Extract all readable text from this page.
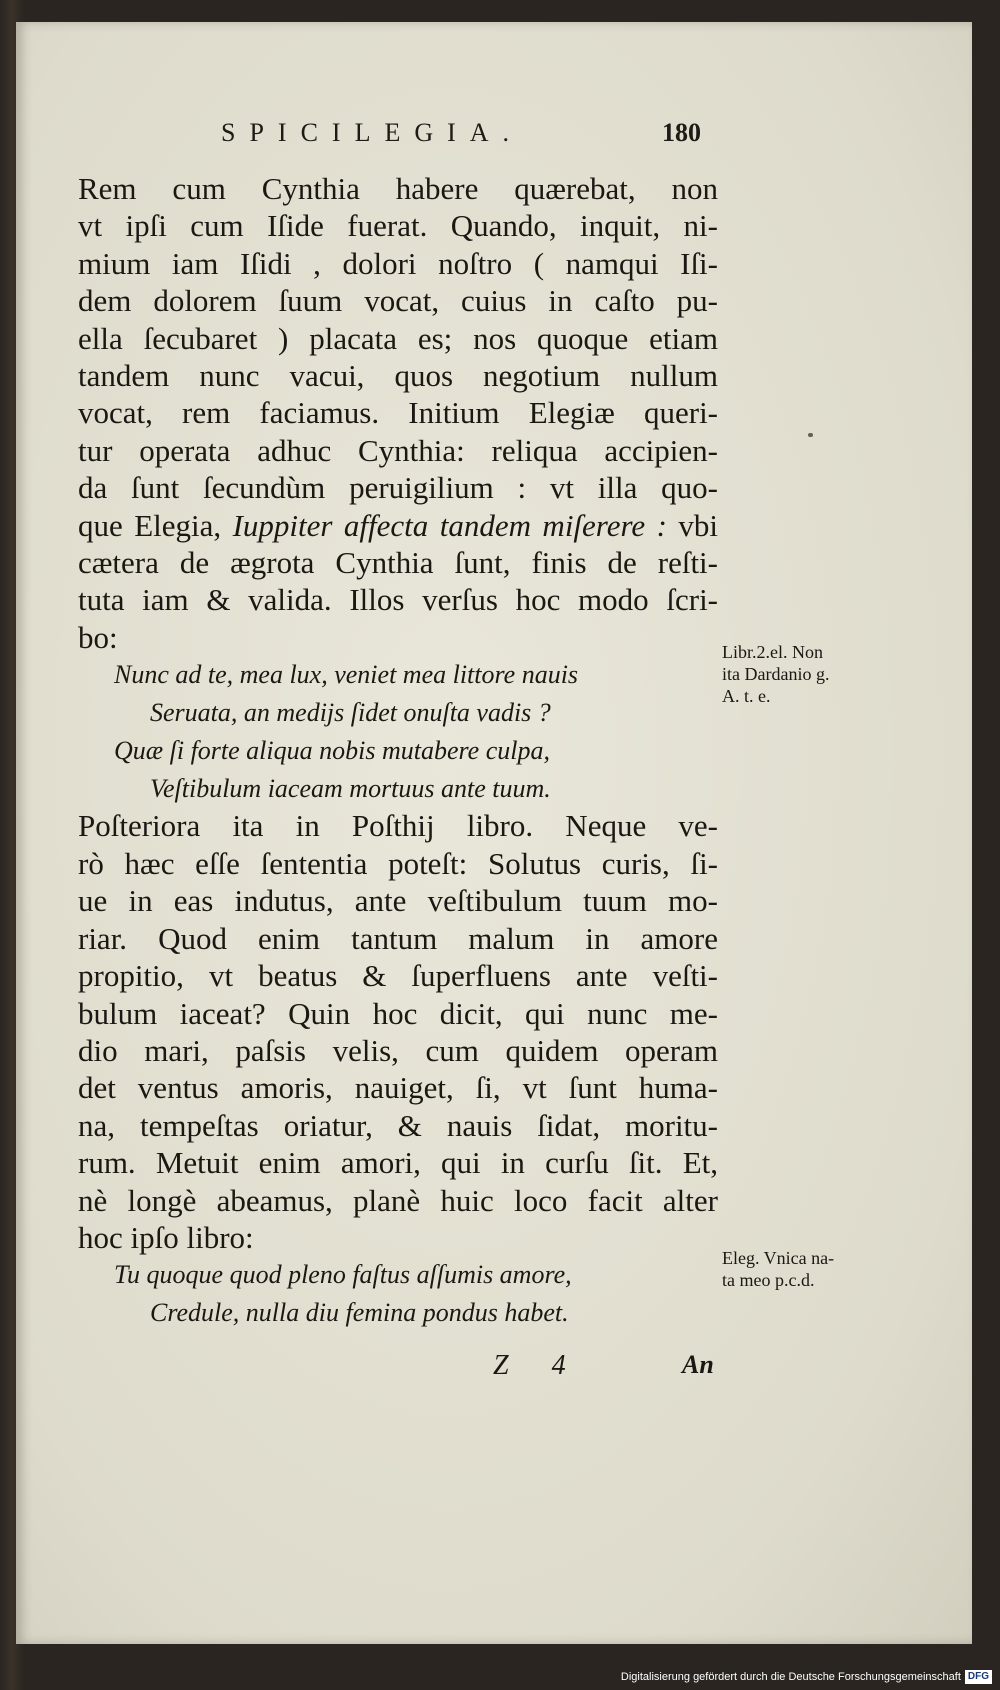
SPICILEGIA.	180
Rem cum Cynthia habere quærebat, non
vt ipſi cum Iſide fuerat. Quando, inquit, ni-
mium iam Iſidi , dolori noſtro ( namqui Iſi-
dem dolorem ſuum vocat, cuius in caſto pu-
ella ſecubaret ) placata es; nos quoque etiam
tandem nunc vacui, quos negotium nullum
vocat, rem faciamus. Initium Elegiæ queri-
tur operata adhuc Cynthia: reliqua accipien-
da ſunt ſecundùm peruigilium : vt illa quo-
que Elegia, Iuppiter affecta tandem miſerere : vbi
cætera de ægrota Cynthia ſunt, finis de reſti-
tuta iam & valida. Illos verſus hoc modo ſcri-
bo:
Nunc ad te, mea lux, veniet mea littore nauis
Seruata, an medijs ſidet onuſta vadis ?
Quæ ſi forte aliqua nobis mutabere culpa,
Veſtibulum iaceam mortuus ante tuum.
Poſteriora ita in Poſthij libro. Neque ve-
rò hæc eſſe ſententia poteſt: Solutus curis, ſi-
ue in eas indutus, ante veſtibulum tuum mo-
riar. Quod enim tantum malum in amore
propitio, vt beatus & ſuperfluens ante veſti-
bulum iaceat? Quin hoc dicit, qui nunc me-
dio mari, paſsis velis, cum quidem operam
det ventus amoris, nauiget, ſi, vt ſunt huma-
na, tempeſtas oriatur, & nauis ſidat, moritu-
rum. Metuit enim amori, qui in curſu ſit. Et,
nè longè abeamus, planè huic loco facit alter
hoc ipſo libro:
Tu quoque quod pleno faſtus aſſumis amore,
Credule, nulla diu femina pondus habet.
Z 4	An
Libr.2.el. Non
ita Dardanio g.
A. t. e.
Eleg. Vnica na-
ta meo p.c.d.
Digitalisierung gefördert durch die Deutsche Forschungsgemeinschaft DFG
